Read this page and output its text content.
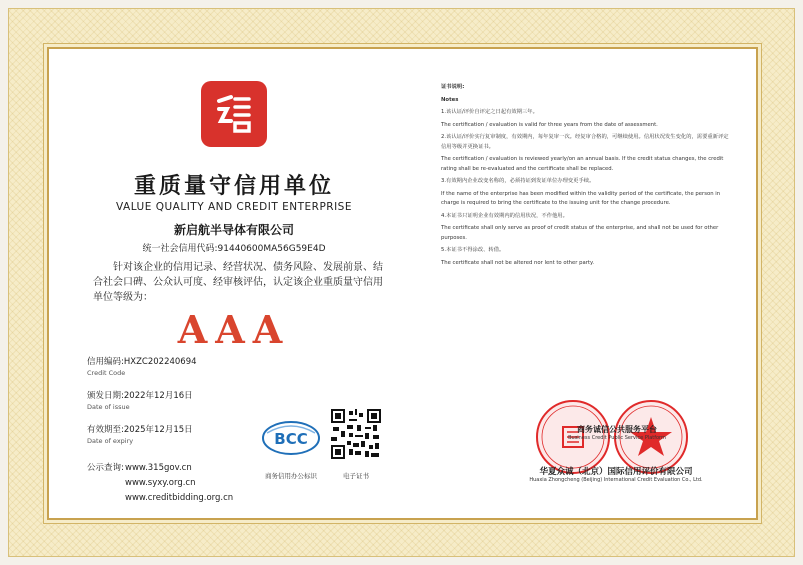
重质量守信用单位
VALUE QUALITY AND CREDIT ENTERPRISE
新启航半导体有限公司
统一社会信用代码:91440600MA56G59E4D
针对该企业的信用记录、经营状况、债务风险、发展前景、结合社会口碑、公众认可度、经审核评估，认定该企业重质量守信用单位等级为：
AAA
信用编码:HXZC202240694
Credit Code
颁发日期:2022年12月16日
Date of issue
有效期至:2025年12月15日
Date of expiry
公示查询: www.315gov.cn
www.syxy.org.cn
www.creditbidding.org.cn
BCC
商务信用办公标识	电子证书

证书说明:

Notes

1.该认证/评价自评定之日起有效期三年。

The certification / evaluation is valid for three years from the date of assessment.

2.该认证/评价实行复审制度，有效期内，每年复审一次。经复审合格的，可继续使用。信用状况发生变化的，需要重新评定信用等级并更换证书。

The certification / evaluation is reviewed yearly/on an annual basis. If the credit status changes, the credit rating shall be re-evaluated and the certificate shall be replaced.

3.有效期内企业改变名称的，必须持证到发证单位办理变更手续。

If the name of the enterprise has been modified within the validity period of the certificate, the person in charge is required to bring the certificate to the issuing unit for the change procedure.

4.本证书只证明企业有效期内的信用状况，不作他用。

The certificate shall only serve as proof of credit status of the enterprise, and shall not be used for other purposes.

5.本证书不得涂改、转借。

The certificate shall not be altered nor lent to other party.

商务诚信公共服务平台
Business Credit Public Service Platform
华夏众诚（北京）国际信用评价有限公司
Huaxia Zhongcheng (Beijing) International Credit Evaluation Co., Ltd.
